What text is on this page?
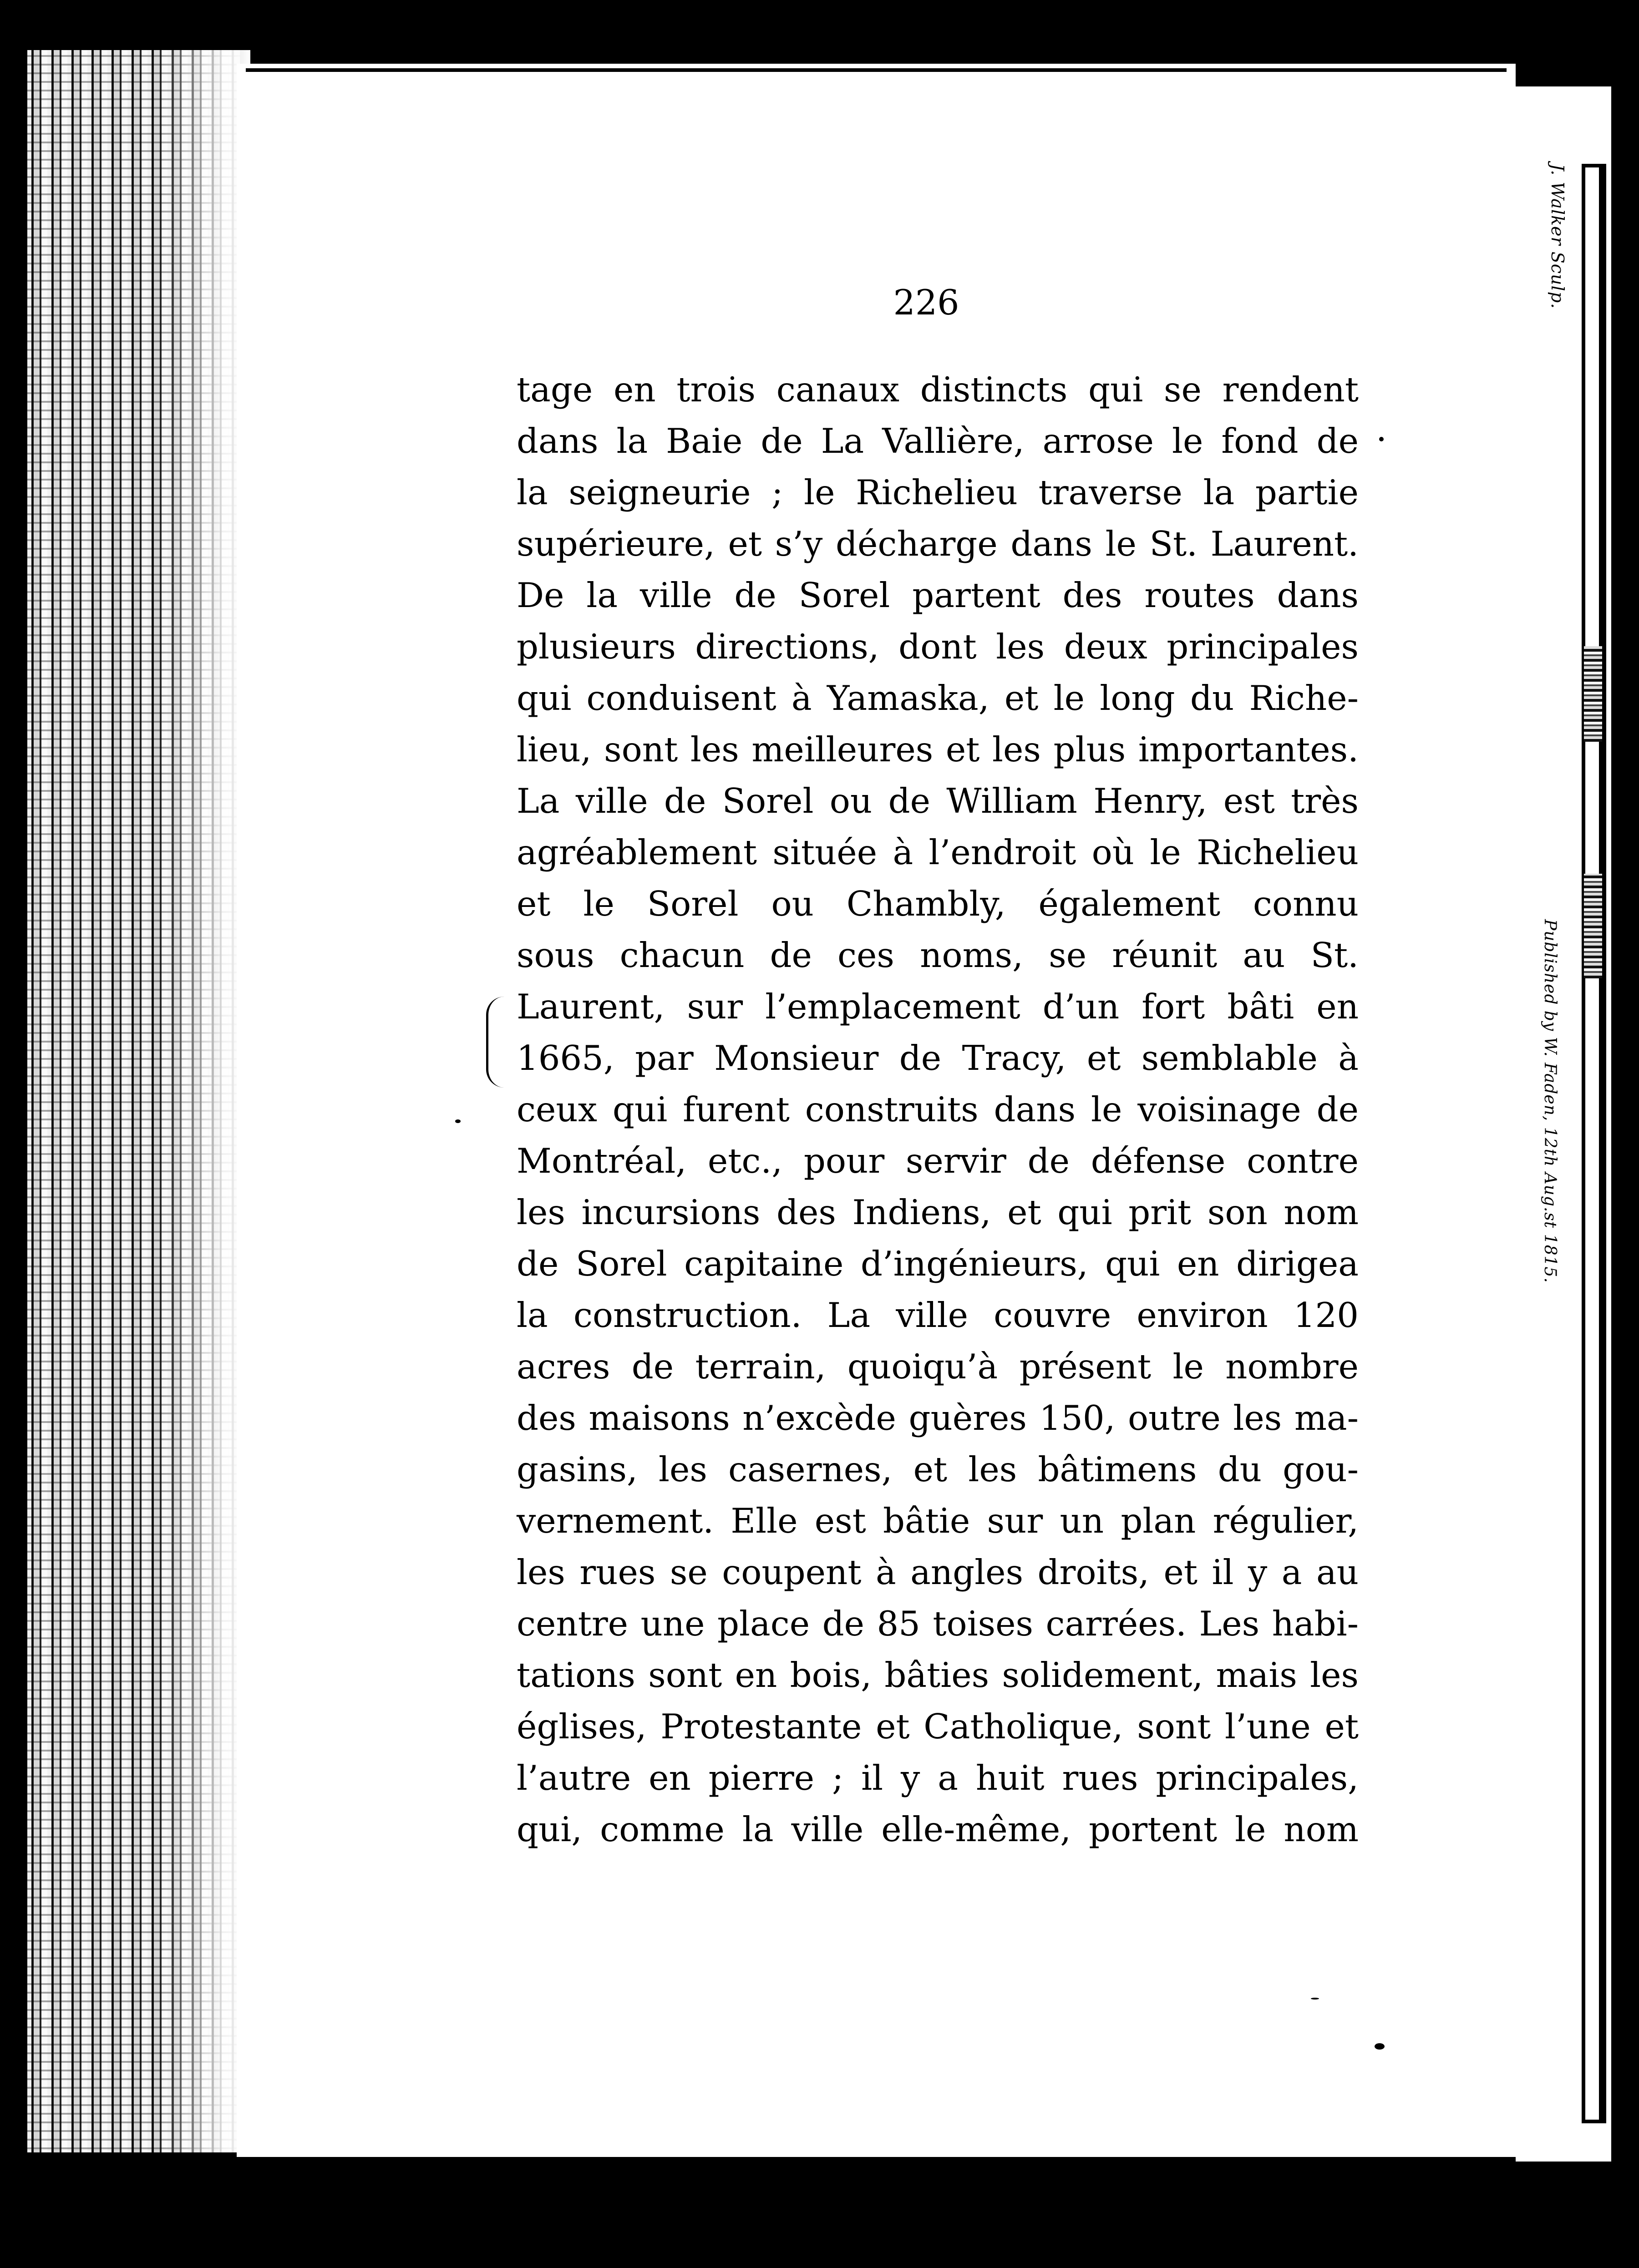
J. Walker Sculp.
Published by W. Faden, 12th Aug.st 1815.
226

tage en trois canaux distincts qui se rendent
dans la Baie de La Vallière, arrose le fond de
la seigneurie ; le Richelieu traverse la partie
supérieure, et s’y décharge dans le St. Laurent.
De la ville de Sorel partent des routes dans
plusieurs directions, dont les deux principales
qui conduisent à Yamaska, et le long du Riche-
lieu, sont les meilleures et les plus importantes.
La ville de Sorel ou de William Henry, est très
agréablement située à l’endroit où le Richelieu
et le Sorel ou Chambly, également connu
sous chacun de ces noms, se réunit au St.
Laurent, sur l’emplacement d’un fort bâti en
1665, par Monsieur de Tracy, et semblable à
ceux qui furent construits dans le voisinage de
Montréal, etc., pour servir de défense contre
les incursions des Indiens, et qui prit son nom
de Sorel capitaine d’ingénieurs, qui en dirigea
la construction. La ville couvre environ 120
acres de terrain, quoiqu’à présent le nombre
des maisons n’excède guères 150, outre les ma-
gasins, les casernes, et les bâtimens du gou-
vernement. Elle est bâtie sur un plan régulier,
les rues se coupent à angles droits, et il y a au
centre une place de 85 toises carrées. Les habi-
tations sont en bois, bâties solidement, mais les
églises, Protestante et Catholique, sont l’une et
l’autre en pierre ; il y a huit rues principales,
qui, comme la ville elle-même, portent le nom
